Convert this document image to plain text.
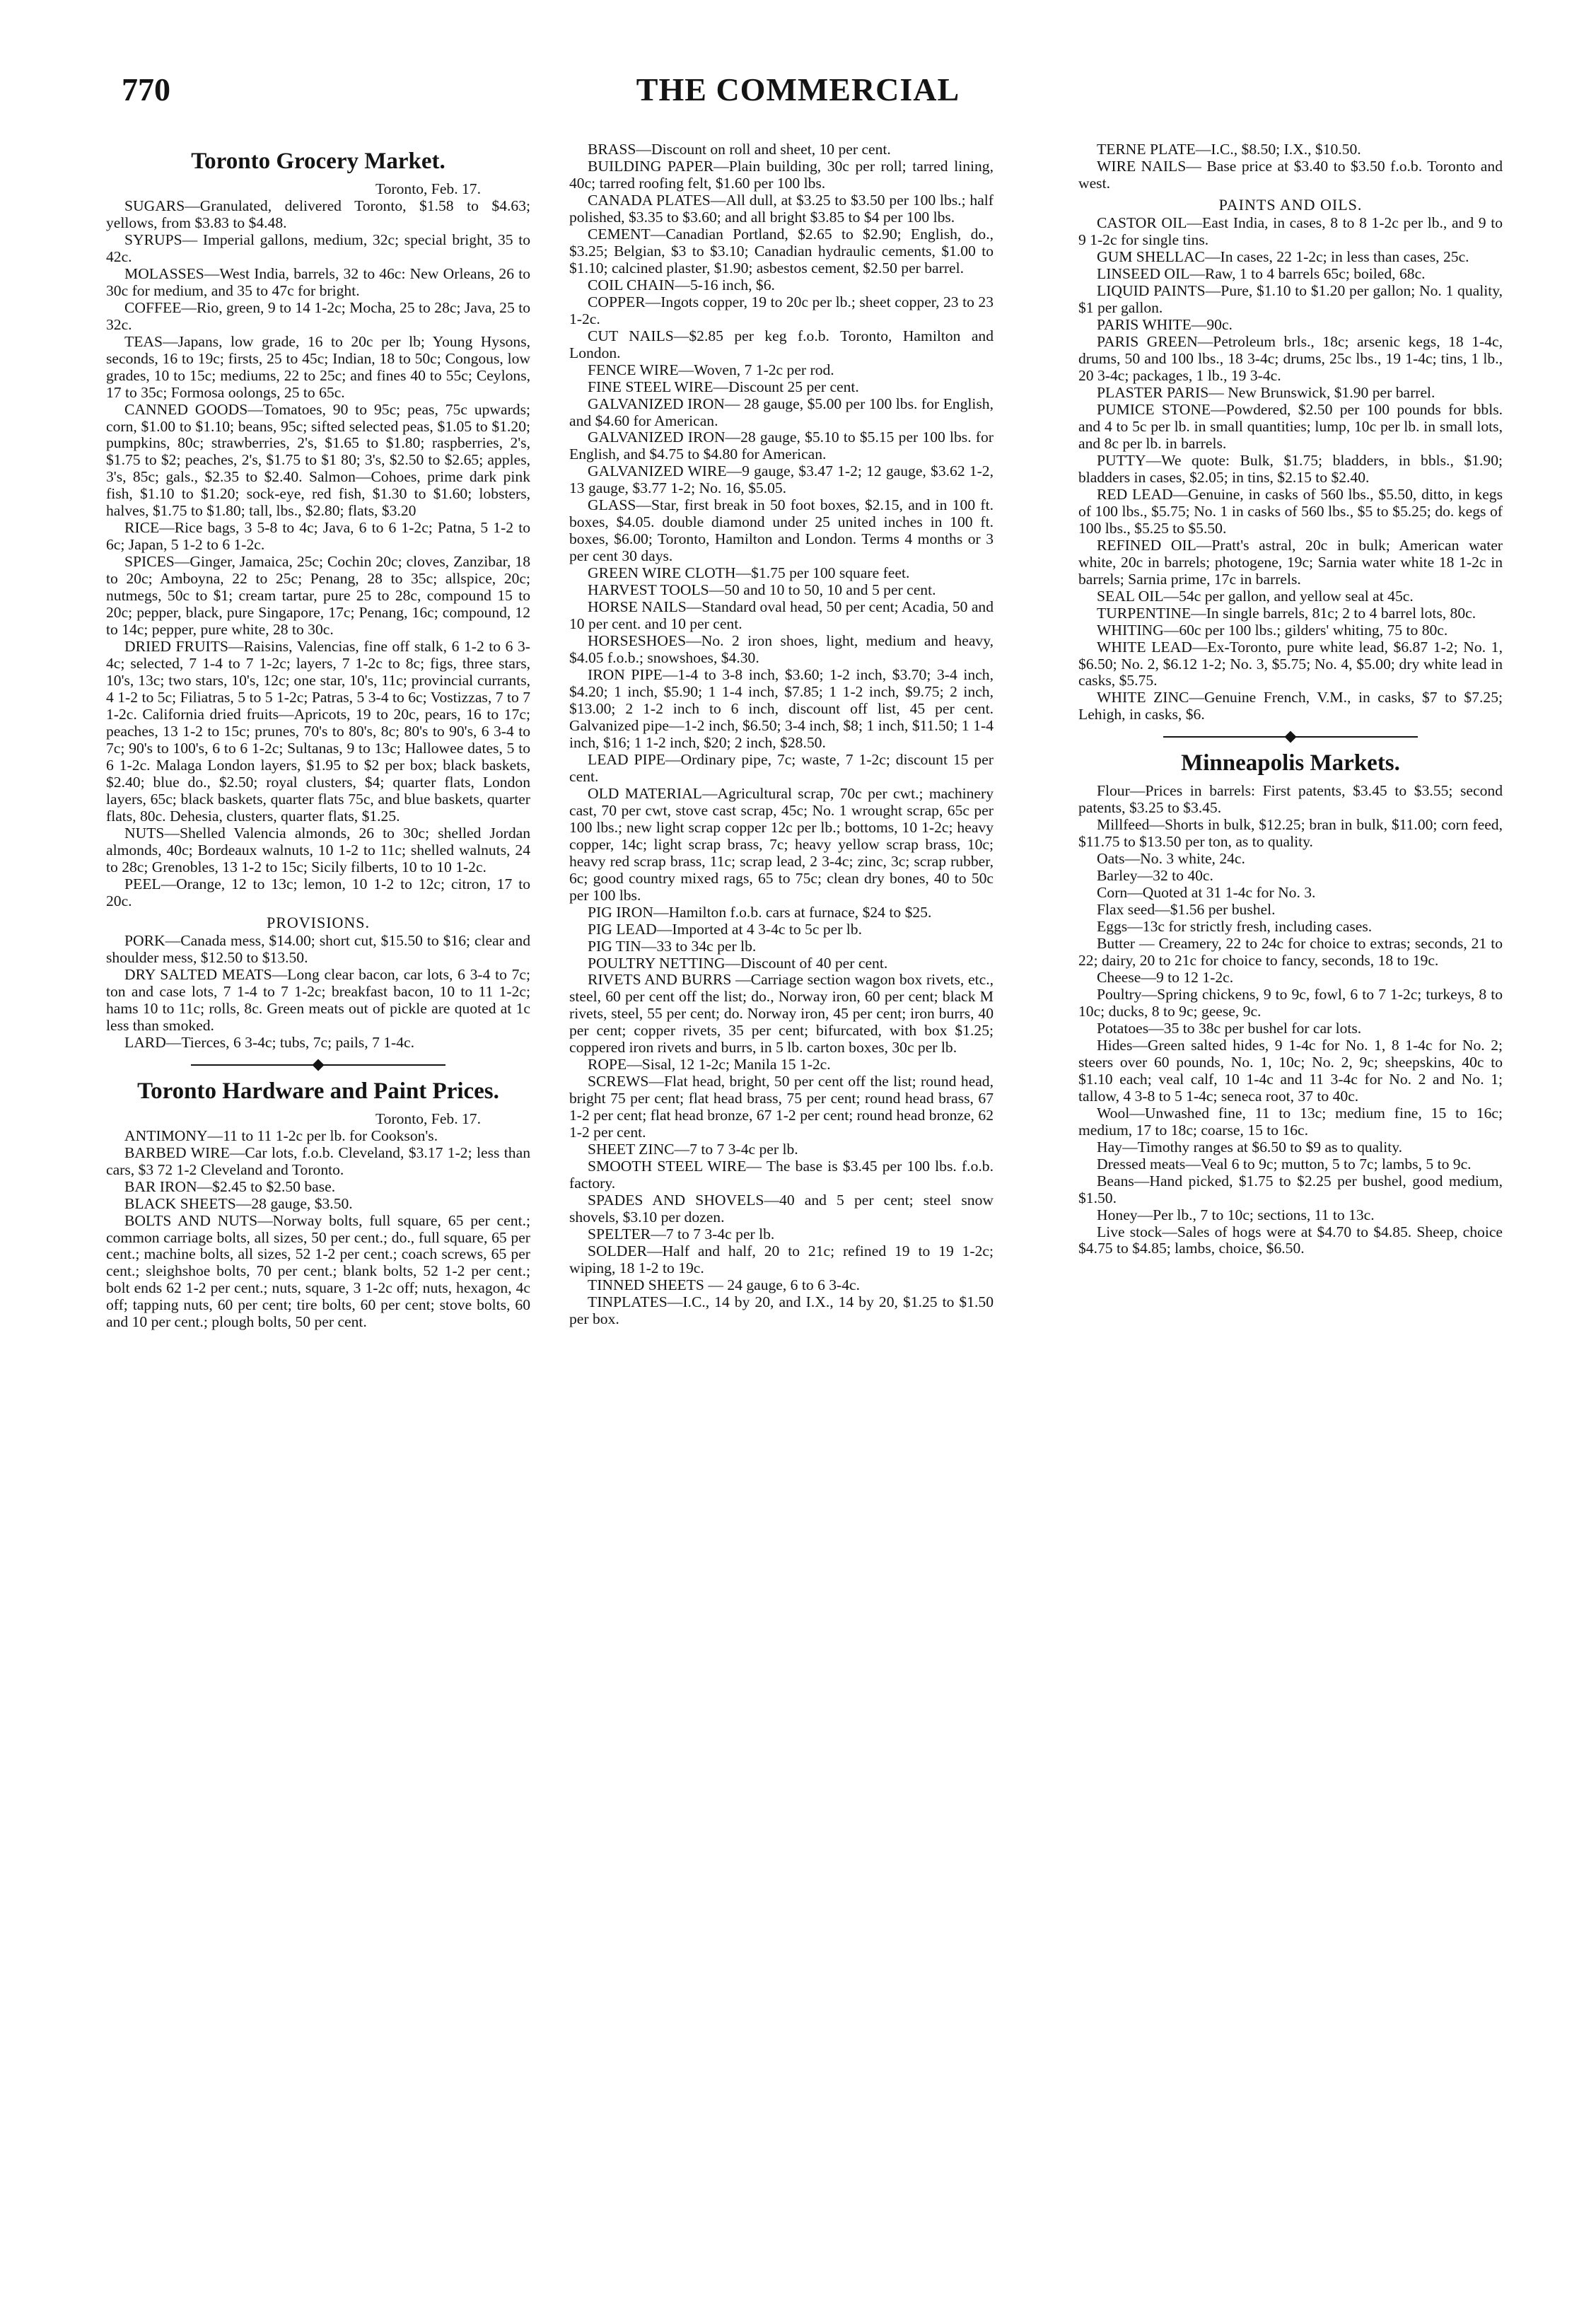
770	THE COMMERCIAL
Toronto Grocery Market.

Toronto, Feb. 17.

SUGARS—Granulated, delivered Toronto, $1.58 to $4.63; yellows, from $3.83 to $4.48.

SYRUPS— Imperial gallons, medium, 32c; special bright, 35 to 42c.

MOLASSES—West India, barrels, 32 to 46c: New Orleans, 26 to 30c for medium, and 35 to 47c for bright.

COFFEE—Rio, green, 9 to 14 1-2c; Mocha, 25 to 28c; Java, 25 to 32c.

TEAS—Japans, low grade, 16 to 20c per lb; Young Hysons, seconds, 16 to 19c; firsts, 25 to 45c; Indian, 18 to 50c; Congous, low grades, 10 to 15c; mediums, 22 to 25c; and fines 40 to 55c; Ceylons, 17 to 35c; Formosa oolongs, 25 to 65c.

CANNED GOODS—Tomatoes, 90 to 95c; peas, 75c upwards; corn, $1.00 to $1.10; beans, 95c; sifted selected peas, $1.05 to $1.20; pumpkins, 80c; strawberries, 2's, $1.65 to $1.80; raspberries, 2's, $1.75 to $2; peaches, 2's, $1.75 to $1 80; 3's, $2.50 to $2.65; apples, 3's, 85c; gals., $2.35 to $2.40. Salmon—Cohoes, prime dark pink fish, $1.10 to $1.20; sock-eye, red fish, $1.30 to $1.60; lobsters, halves, $1.75 to $1.80; tall, lbs., $2.80; flats, $3.20

RICE—Rice bags, 3 5-8 to 4c; Java, 6 to 6 1-2c; Patna, 5 1-2 to 6c; Japan, 5 1-2 to 6 1-2c.

SPICES—Ginger, Jamaica, 25c; Cochin 20c; cloves, Zanzibar, 18 to 20c; Amboyna, 22 to 25c; Penang, 28 to 35c; allspice, 20c; nutmegs, 50c to $1; cream tartar, pure 25 to 28c, compound 15 to 20c; pepper, black, pure Singapore, 17c; Penang, 16c; compound, 12 to 14c; pepper, pure white, 28 to 30c.

DRIED FRUITS—Raisins, Valencias, fine off stalk, 6 1-2 to 6 3-4c; selected, 7 1-4 to 7 1-2c; layers, 7 1-2c to 8c; figs, three stars, 10's, 13c; two stars, 10's, 12c; one star, 10's, 11c; provincial currants, 4 1-2 to 5c; Filiatras, 5 to 5 1-2c; Patras, 5 3-4 to 6c; Vostizzas, 7 to 7 1-2c. California dried fruits—Apricots, 19 to 20c, pears, 16 to 17c; peaches, 13 1-2 to 15c; prunes, 70's to 80's, 8c; 80's to 90's, 6 3-4 to 7c; 90's to 100's, 6 to 6 1-2c; Sultanas, 9 to 13c; Hallowee dates, 5 to 6 1-2c. Malaga London layers, $1.95 to $2 per box; black baskets, $2.40; blue do., $2.50; royal clusters, $4; quarter flats, London layers, 65c; black baskets, quarter flats 75c, and blue baskets, quarter flats, 80c. Dehesia, clusters, quarter flats, $1.25.

NUTS—Shelled Valencia almonds, 26 to 30c; shelled Jordan almonds, 40c; Bordeaux walnuts, 10 1-2 to 11c; shelled walnuts, 24 to 28c; Grenobles, 13 1-2 to 15c; Sicily filberts, 10 to 10 1-2c.

PEEL—Orange, 12 to 13c; lemon, 10 1-2 to 12c; citron, 17 to 20c.

PROVISIONS.

PORK—Canada mess, $14.00; short cut, $15.50 to $16; clear and shoulder mess, $12.50 to $13.50.

DRY SALTED MEATS—Long clear bacon, car lots, 6 3-4 to 7c; ton and case lots, 7 1-4 to 7 1-2c; breakfast bacon, 10 to 11 1-2c; hams 10 to 11c; rolls, 8c. Green meats out of pickle are quoted at 1c less than smoked.

LARD—Tierces, 6 3-4c; tubs, 7c; pails, 7 1-4c.

Toronto Hardware and Paint Prices.

Toronto, Feb. 17.

ANTIMONY—11 to 11 1-2c per lb. for Cookson's.

BARBED WIRE—Car lots, f.o.b. Cleveland, $3.17 1-2; less than cars, $3 72 1-2 Cleveland and Toronto.

BAR IRON—$2.45 to $2.50 base.

BLACK SHEETS—28 gauge, $3.50.

BOLTS AND NUTS—Norway bolts, full square, 65 per cent.; common carriage bolts, all sizes, 50 per cent.; do., full square, 65 per cent.; machine bolts, all sizes, 52 1-2 per cent.; coach screws, 65 per cent.; sleighshoe bolts, 70 per cent.; blank bolts, 52 1-2 per cent.; bolt ends 62 1-2 per cent.; nuts, square, 3 1-2c off; nuts, hexagon, 4c off; tapping nuts, 60 per cent; tire bolts, 60 per cent; stove bolts, 60 and 10 per cent.; plough bolts, 50 per cent.

BRASS—Discount on roll and sheet, 10 per cent.

BUILDING PAPER—Plain building, 30c per roll; tarred lining, 40c; tarred roofing felt, $1.60 per 100 lbs.

CANADA PLATES—All dull, at $3.25 to $3.50 per 100 lbs.; half polished, $3.35 to $3.60; and all bright $3.85 to $4 per 100 lbs.

CEMENT—Canadian Portland, $2.65 to $2.90; English, do., $3.25; Belgian, $3 to $3.10; Canadian hydraulic cements, $1.00 to $1.10; calcined plaster, $1.90; asbestos cement, $2.50 per barrel.

COIL CHAIN—5-16 inch, $6.

COPPER—Ingots copper, 19 to 20c per lb.; sheet copper, 23 to 23 1-2c.

CUT NAILS—$2.85 per keg f.o.b. Toronto, Hamilton and London.

FENCE WIRE—Woven, 7 1-2c per rod.

FINE STEEL WIRE—Discount 25 per cent.

GALVANIZED IRON— 28 gauge, $5.00 per 100 lbs. for English, and $4.60 for American.

GALVANIZED IRON—28 gauge, $5.10 to $5.15 per 100 lbs. for English, and $4.75 to $4.80 for American.

GALVANIZED WIRE—9 gauge, $3.47 1-2; 12 gauge, $3.62 1-2, 13 gauge, $3.77 1-2; No. 16, $5.05.

GLASS—Star, first break in 50 foot boxes, $2.15, and in 100 ft. boxes, $4.05. double diamond under 25 united inches in 100 ft. boxes, $6.00; Toronto, Hamilton and London. Terms 4 months or 3 per cent 30 days.

GREEN WIRE CLOTH—$1.75 per 100 square feet.

HARVEST TOOLS—50 and 10 to 50, 10 and 5 per cent.

HORSE NAILS—Standard oval head, 50 per cent; Acadia, 50 and 10 per cent. and 10 per cent.

HORSESHOES—No. 2 iron shoes, light, medium and heavy, $4.05 f.o.b.; snowshoes, $4.30.

IRON PIPE—1-4 to 3-8 inch, $3.60; 1-2 inch, $3.70; 3-4 inch, $4.20; 1 inch, $5.90; 1 1-4 inch, $7.85; 1 1-2 inch, $9.75; 2 inch, $13.00; 2 1-2 inch to 6 inch, discount off list, 45 per cent. Galvanized pipe—1-2 inch, $6.50; 3-4 inch, $8; 1 inch, $11.50; 1 1-4 inch, $16; 1 1-2 inch, $20; 2 inch, $28.50.

LEAD PIPE—Ordinary pipe, 7c; waste, 7 1-2c; discount 15 per cent.

OLD MATERIAL—Agricultural scrap, 70c per cwt.; machinery cast, 70 per cwt, stove cast scrap, 45c; No. 1 wrought scrap, 65c per 100 lbs.; new light scrap copper 12c per lb.; bottoms, 10 1-2c; heavy copper, 14c; light scrap brass, 7c; heavy yellow scrap brass, 10c; heavy red scrap brass, 11c; scrap lead, 2 3-4c; zinc, 3c; scrap rubber, 6c; good country mixed rags, 65 to 75c; clean dry bones, 40 to 50c per 100 lbs.

PIG IRON—Hamilton f.o.b. cars at furnace, $24 to $25.

PIG LEAD—Imported at 4 3-4c to 5c per lb.

PIG TIN—33 to 34c per lb.

POULTRY NETTING—Discount of 40 per cent.

RIVETS AND BURRS —Carriage section wagon box rivets, etc., steel, 60 per cent off the list; do., Norway iron, 60 per cent; black M rivets, steel, 55 per cent; do. Norway iron, 45 per cent; iron burrs, 40 per cent; copper rivets, 35 per cent; bifurcated, with box $1.25; coppered iron rivets and burrs, in 5 lb. carton boxes, 30c per lb.

ROPE—Sisal, 12 1-2c; Manila 15 1-2c.

SCREWS—Flat head, bright, 50 per cent off the list; round head, bright 75 per cent; flat head brass, 75 per cent; round head brass, 67 1-2 per cent; flat head bronze, 67 1-2 per cent; round head bronze, 62 1-2 per cent.

SHEET ZINC—7 to 7 3-4c per lb.

SMOOTH STEEL WIRE— The base is $3.45 per 100 lbs. f.o.b. factory.

SPADES AND SHOVELS—40 and 5 per cent; steel snow shovels, $3.10 per dozen.

SPELTER—7 to 7 3-4c per lb.

SOLDER—Half and half, 20 to 21c; refined 19 to 19 1-2c; wiping, 18 1-2 to 19c.

TINNED SHEETS — 24 gauge, 6 to 6 3-4c.

TINPLATES—I.C., 14 by 20, and I.X., 14 by 20, $1.25 to $1.50 per box.

TERNE PLATE—I.C., $8.50; I.X., $10.50.

WIRE NAILS— Base price at $3.40 to $3.50 f.o.b. Toronto and west.

PAINTS AND OILS.

CASTOR OIL—East India, in cases, 8 to 8 1-2c per lb., and 9 to 9 1-2c for single tins.

GUM SHELLAC—In cases, 22 1-2c; in less than cases, 25c.

LINSEED OIL—Raw, 1 to 4 barrels 65c; boiled, 68c.

LIQUID PAINTS—Pure, $1.10 to $1.20 per gallon; No. 1 quality, $1 per gallon.

PARIS WHITE—90c.

PARIS GREEN—Petroleum brls., 18c; arsenic kegs, 18 1-4c, drums, 50 and 100 lbs., 18 3-4c; drums, 25c lbs., 19 1-4c; tins, 1 lb., 20 3-4c; packages, 1 lb., 19 3-4c.

PLASTER PARIS— New Brunswick, $1.90 per barrel.

PUMICE STONE—Powdered, $2.50 per 100 pounds for bbls. and 4 to 5c per lb. in small quantities; lump, 10c per lb. in small lots, and 8c per lb. in barrels.

PUTTY—We quote: Bulk, $1.75; bladders, in bbls., $1.90; bladders in cases, $2.05; in tins, $2.15 to $2.40.

RED LEAD—Genuine, in casks of 560 lbs., $5.50, ditto, in kegs of 100 lbs., $5.75; No. 1 in casks of 560 lbs., $5 to $5.25; do. kegs of 100 lbs., $5.25 to $5.50.

REFINED OIL—Pratt's astral, 20c in bulk; American water white, 20c in barrels; photogene, 19c; Sarnia water white 18 1-2c in barrels; Sarnia prime, 17c in barrels.

SEAL OIL—54c per gallon, and yellow seal at 45c.

TURPENTINE—In single barrels, 81c; 2 to 4 barrel lots, 80c.

WHITING—60c per 100 lbs.; gilders' whiting, 75 to 80c.

WHITE LEAD—Ex-Toronto, pure white lead, $6.87 1-2; No. 1, $6.50; No. 2, $6.12 1-2; No. 3, $5.75; No. 4, $5.00; dry white lead in casks, $5.75.

WHITE ZINC—Genuine French, V.M., in casks, $7 to $7.25; Lehigh, in casks, $6.

Minneapolis Markets.

Flour—Prices in barrels: First patents, $3.45 to $3.55; second patents, $3.25 to $3.45.

Millfeed—Shorts in bulk, $12.25; bran in bulk, $11.00; corn feed, $11.75 to $13.50 per ton, as to quality.

Oats—No. 3 white, 24c.

Barley—32 to 40c.

Corn—Quoted at 31 1-4c for No. 3.

Flax seed—$1.56 per bushel.

Eggs—13c for strictly fresh, including cases.

Butter — Creamery, 22 to 24c for choice to extras; seconds, 21 to 22; dairy, 20 to 21c for choice to fancy, seconds, 18 to 19c.

Cheese—9 to 12 1-2c.

Poultry—Spring chickens, 9 to 9c, fowl, 6 to 7 1-2c; turkeys, 8 to 10c; ducks, 8 to 9c; geese, 9c.

Potatoes—35 to 38c per bushel for car lots.

Hides—Green salted hides, 9 1-4c for No. 1, 8 1-4c for No. 2; steers over 60 pounds, No. 1, 10c; No. 2, 9c; sheepskins, 40c to $1.10 each; veal calf, 10 1-4c and 11 3-4c for No. 2 and No. 1; tallow, 4 3-8 to 5 1-4c; seneca root, 37 to 40c.

Wool—Unwashed fine, 11 to 13c; medium fine, 15 to 16c; medium, 17 to 18c; coarse, 15 to 16c.

Hay—Timothy ranges at $6.50 to $9 as to quality.

Dressed meats—Veal 6 to 9c; mutton, 5 to 7c; lambs, 5 to 9c.

Beans—Hand picked, $1.75 to $2.25 per bushel, good medium, $1.50.

Honey—Per lb., 7 to 10c; sections, 11 to 13c.

Live stock—Sales of hogs were at $4.70 to $4.85. Sheep, choice $4.75 to $4.85; lambs, choice, $6.50.
